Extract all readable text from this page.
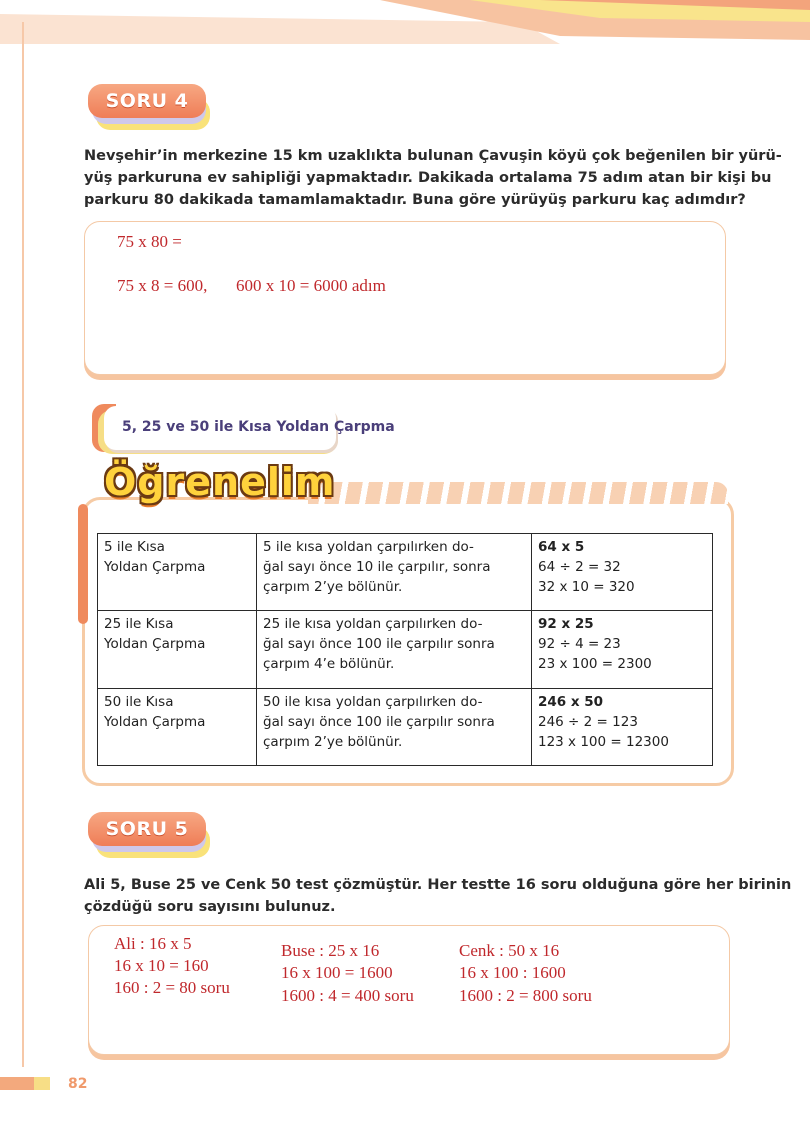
SORU 4
Nevşehir’in merkezine 15 km uzaklıkta bulunan Çavuşin köyü çok beğenilen bir yürü-
yüş parkuruna ev sahipliği yapmaktadır. Dakikada ortalama 75 adım atan bir kişi bu
parkuru 80 dakikada tamamlamaktadır. Buna göre yürüyüş parkuru kaç adımdır?
75 x 80 =
75 x 8 = 600, 600 x 10 = 6000 adım
5, 25 ve 50 ile Kısa Yoldan Çarpma
Öğrenelim
5 ile Kısa
Yoldan Çarpma	5 ile kısa yoldan çarpılırken do-
ğal sayı önce 10 ile çarpılır, sonra
çarpım 2’ye bölünür.	64 x 5
64 ÷ 2 = 32
32 x 10 = 320

25 ile Kısa
Yoldan Çarpma	25 ile kısa yoldan çarpılırken do-
ğal sayı önce 100 ile çarpılır sonra
çarpım 4’e bölünür.	92 x 25
92 ÷ 4 = 23
23 x 100 = 2300

50 ile Kısa
Yoldan Çarpma	50 ile kısa yoldan çarpılırken do-
ğal sayı önce 100 ile çarpılır sonra
çarpım 2’ye bölünür.	246 x 50
246 ÷ 2 = 123
123 x 100 = 12300
SORU 5
Ali 5, Buse 25 ve Cenk 50 test çözmüştür. Her testte 16 soru olduğuna göre her birinin
çözdüğü soru sayısını bulunuz.
Ali : 16 x 5
16 x 10 = 160
160 : 2 = 80 soru
Buse : 25 x 16
16 x 100 = 1600
1600 : 4 = 400 soru
Cenk : 50 x 16
16 x 100 : 1600
1600 : 2 = 800 soru
82
